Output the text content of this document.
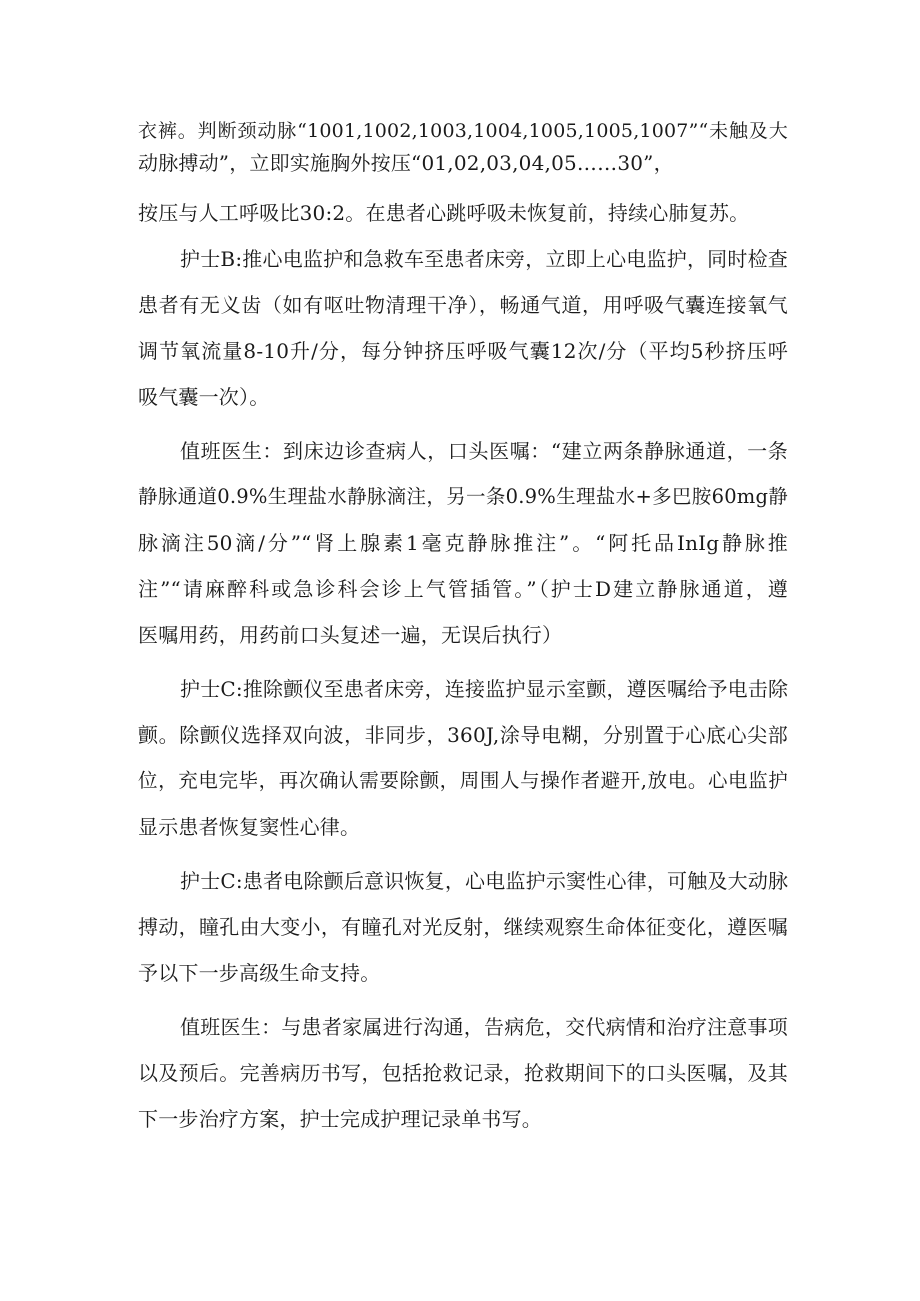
衣裤。判断颈动脉“1001,1002,1003,1004,1005,1005,1007”“未触及大
动脉搏动”，立即实施胸外按压“01,02,03,04,05……30”，
按压与人工呼吸比30:2。在患者心跳呼吸未恢复前，持续心肺复苏。
护士B:推心电监护和急救车至患者床旁，立即上心电监护，同时检查
患者有无义齿（如有呕吐物清理干净），畅通气道，用呼吸气囊连接氧气
调节氧流量8-10升/分，每分钟挤压呼吸气囊12次/分（平均5秒挤压呼
吸气囊一次）。
值班医生：到床边诊查病人，口头医嘱：“建立两条静脉通道，一条
静脉通道0.9%生理盐水静脉滴注，另一条0.9%生理盐水+多巴胺60mg静
脉滴注50滴/分”“肾上腺素1毫克静脉推注”。“阿托品InIg静脉推
注”“请麻醉科或急诊科会诊上气管插管。”（护士D建立静脉通道，遵
医嘱用药，用药前口头复述一遍，无误后执行）
护士C:推除颤仪至患者床旁，连接监护显示室颤，遵医嘱给予电击除
颤。除颤仪选择双向波，非同步，360J,涂导电糊，分别置于心底心尖部
位，充电完毕，再次确认需要除颤，周围人与操作者避开,放电。心电监护
显示患者恢复窦性心律。
护士C:患者电除颤后意识恢复，心电监护示窦性心律，可触及大动脉
搏动，瞳孔由大变小，有瞳孔对光反射，继续观察生命体征变化，遵医嘱
予以下一步高级生命支持。
值班医生：与患者家属进行沟通，告病危，交代病情和治疗注意事项
以及预后。完善病历书写，包括抢救记录，抢救期间下的口头医嘱，及其
下一步治疗方案，护士完成护理记录单书写。
